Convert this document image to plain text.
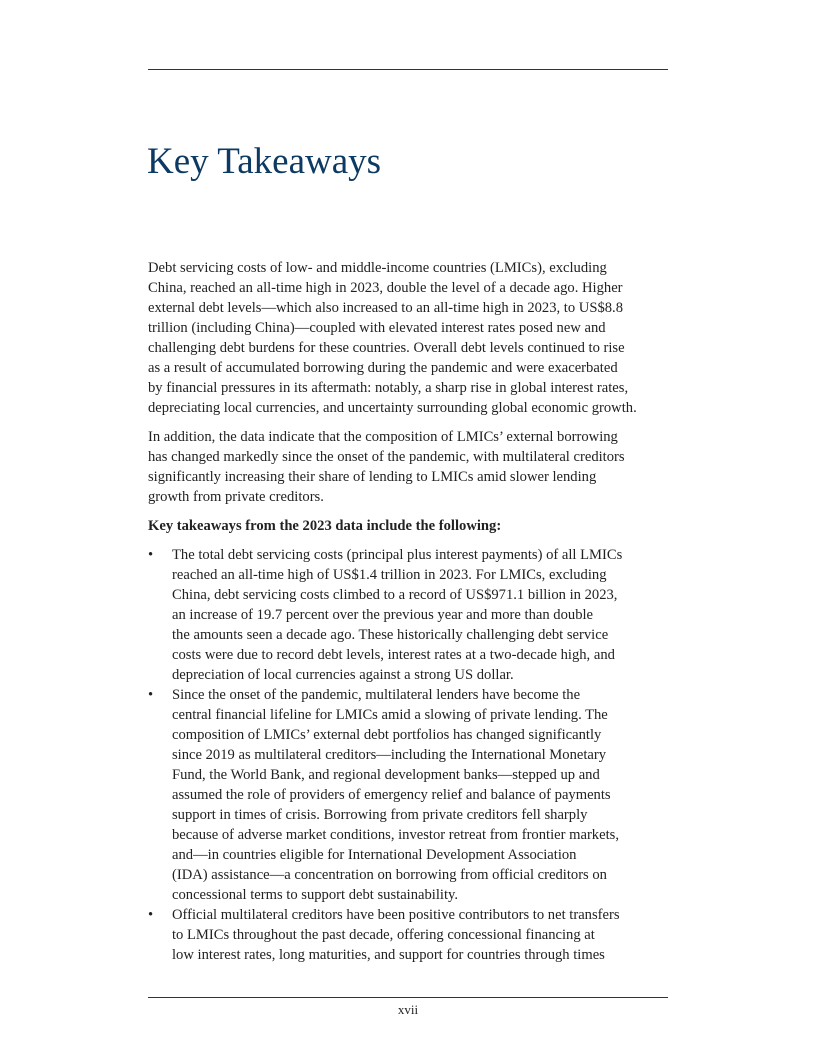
Key Takeaways

Debt servicing costs of low- and middle-income countries (LMICs), excluding
China, reached an all-time high in 2023, double the level of a decade ago. Higher
external debt levels—which also increased to an all-time high in 2023, to US$8.8
trillion (including China)—coupled with elevated interest rates posed new and
challenging debt burdens for these countries. Overall debt levels continued to rise
as a result of accumulated borrowing during the pandemic and were exacerbated
by financial pressures in its aftermath: notably, a sharp rise in global interest rates,
depreciating local currencies, and uncertainty surrounding global economic growth.

In addition, the data indicate that the composition of LMICs’ external borrowing
has changed markedly since the onset of the pandemic, with multilateral creditors
significantly increasing their share of lending to LMICs amid slower lending
growth from private creditors.

Key takeaways from the 2023 data include the following:
• The total debt servicing costs (principal plus interest payments) of all LMICs
reached an all-time high of US$1.4 trillion in 2023. For LMICs, excluding
China, debt servicing costs climbed to a record of US$971.1 billion in 2023,
an increase of 19.7 percent over the previous year and more than double
the amounts seen a decade ago. These historically challenging debt service
costs were due to record debt levels, interest rates at a two-decade high, and
depreciation of local currencies against a strong US dollar.
• Since the onset of the pandemic, multilateral lenders have become the
central financial lifeline for LMICs amid a slowing of private lending. The
composition of LMICs’ external debt portfolios has changed significantly
since 2019 as multilateral creditors—including the International Monetary
Fund, the World Bank, and regional development banks—stepped up and
assumed the role of providers of emergency relief and balance of payments
support in times of crisis. Borrowing from private creditors fell sharply
because of adverse market conditions, investor retreat from frontier markets,
and—in countries eligible for International Development Association
(IDA) assistance—a concentration on borrowing from official creditors on
concessional terms to support debt sustainability.
• Official multilateral creditors have been positive contributors to net transfers
to LMICs throughout the past decade, offering concessional financing at
low interest rates, long maturities, and support for countries through times
xvii
